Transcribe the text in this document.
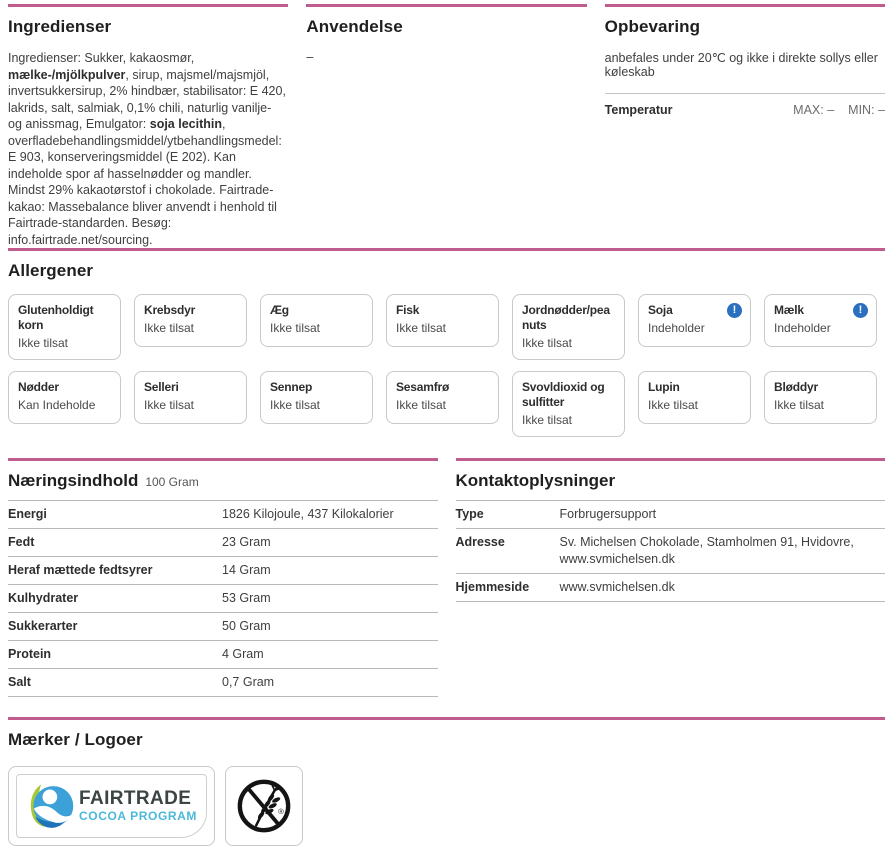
Ingredienser

Ingredienser: Sukker, kakaosmør, mælke-/mjölkpulver, sirup, majsmel/majsmjöl, invertsukkersirup, 2% hindbær, stabilisator: E 420, lakrids, salt, salmiak, 0,1% chili, naturlig vanilje- og anissmag, Emulgator: soja lecithin, overfladebehandlingsmiddel/ytbehandlingsmedel: E 903, konserveringsmiddel (E 202). Kan indeholde spor af hasselnødder og mandler. Mindst 29% kakaotørstof i chokolade. Fairtrade-kakao: Massebalance bliver anvendt i henhold til Fairtrade-standarden. Besøg: info.fairtrade.net/sourcing.

Anvendelse

–

Opbevaring

anbefales under 20℃ og ikke i direkte sollys eller køleskab

Temperatur	MAX: – MIN: –
Allergener
Glutenholdigt korn
Ikke tilsat
Krebsdyr
Ikke tilsat
Æg
Ikke tilsat
Fisk
Ikke tilsat
Jordnødder/peanuts
Ikke tilsat
Soja	!
Indeholder
Mælk	!
Indeholder
Nødder
Kan Indeholde
Selleri
Ikke tilsat
Sennep
Ikke tilsat
Sesamfrø
Ikke tilsat
Svovldioxid og sulfitter
Ikke tilsat
Lupin
Ikke tilsat
Bløddyr
Ikke tilsat
Næringsindhold 100 Gram
Energi	1826 Kilojoule, 437 Kilokalorier
Fedt	23 Gram
Heraf mættede fedtsyrer	14 Gram
Kulhydrater	53 Gram
Sukkerarter	50 Gram
Protein	4 Gram
Salt	0,7 Gram
Kontaktoplysninger
Type	Forbrugersupport
Adresse	Sv. Michelsen Chokolade, Stamholmen 91, Hvidovre, www.svmichelsen.dk
Hjemmeside	www.svmichelsen.dk
Mærker / Logoer
FAIRTRADE
COCOA PROGRAM	®
